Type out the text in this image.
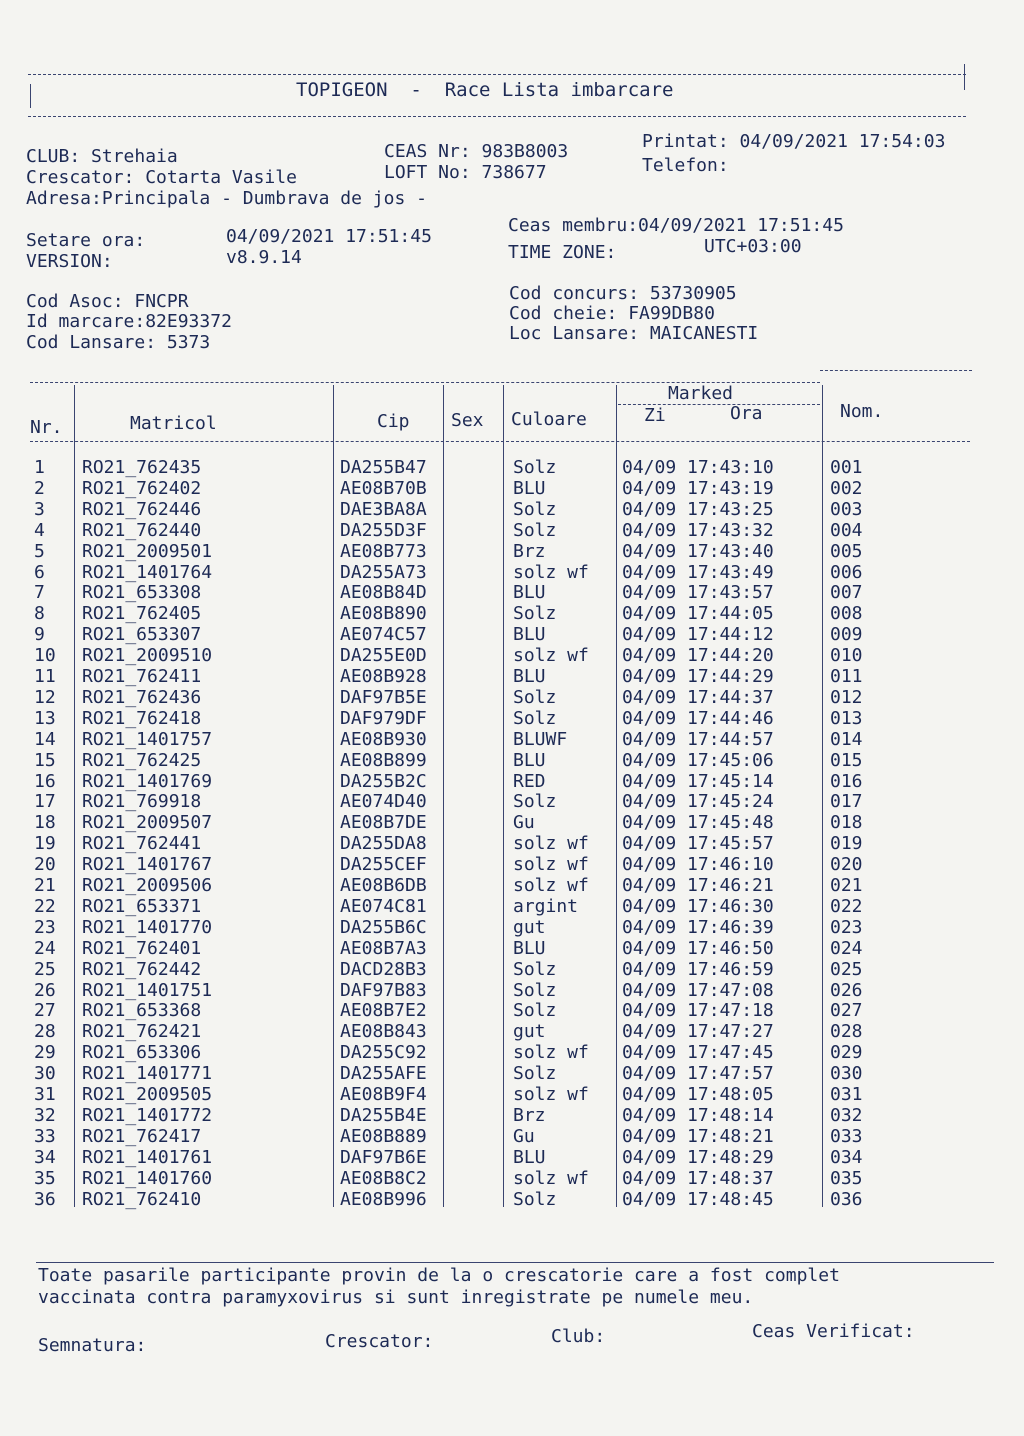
TOPIGEON  -  Race Lista imbarcare
CLUB: Strehaia
Crescator: Cotarta Vasile
Adresa:Principala - Dumbrava de jos -
CEAS Nr: 983B8003
LOFT No: 738677
Printat: 04/09/2021 17:54:03
Telefon:
Setare ora:	04/09/2021 17:51:45
VERSION:	v8.9.14
Ceas membru:04/09/2021 17:51:45
TIME ZONE:	UTC+03:00
Cod Asoc: FNCPR
Id marcare:82E93372
Cod Lansare: 5373
Cod concurs: 53730905
Cod cheie: FA99DB80
Loc Lansare: MAICANESTI
Nr.	Matricol	Cip Sex Culoare
Marked
Zi	Ora	Nom.
1	RO21_762435	DA255B47	Solz	04/09 17:43:10	001
2	RO21_762402	AE08B70B	BLU	04/09 17:43:19	002
3	RO21_762446	DAE3BA8A	Solz	04/09 17:43:25	003
4	RO21_762440	DA255D3F	Solz	04/09 17:43:32	004
5	RO21_2009501	AE08B773	Brz	04/09 17:43:40	005
6	RO21_1401764	DA255A73	solz wf 04/09 17:43:49	006
7	RO21_653308	AE08B84D	BLU	04/09 17:43:57	007
8	RO21_762405	AE08B890	Solz	04/09 17:44:05	008
9	RO21_653307	AE074C57	BLU	04/09 17:44:12	009
10	RO21_2009510	DA255E0D	solz wf 04/09 17:44:20	010
11	RO21_762411	AE08B928	BLU	04/09 17:44:29	011
12	RO21_762436	DAF97B5E	Solz	04/09 17:44:37	012
13	RO21_762418	DAF979DF	Solz	04/09 17:44:46	013
14	RO21_1401757	AE08B930	BLUWF	04/09 17:44:57	014
15	RO21_762425	AE08B899	BLU	04/09 17:45:06	015
16	RO21_1401769	DA255B2C	RED	04/09 17:45:14	016
17	RO21_769918	AE074D40	Solz	04/09 17:45:24	017
18	RO21_2009507	AE08B7DE	Gu	04/09 17:45:48	018
19	RO21_762441	DA255DA8	solz wf 04/09 17:45:57	019
20	RO21_1401767	DA255CEF	solz wf 04/09 17:46:10	020
21	RO21_2009506	AE08B6DB	solz wf 04/09 17:46:21	021
22	RO21_653371	AE074C81	argint 04/09 17:46:30	022
23	RO21_1401770	DA255B6C	gut	04/09 17:46:39	023
24	RO21_762401	AE08B7A3	BLU	04/09 17:46:50	024
25	RO21_762442	DACD28B3	Solz	04/09 17:46:59	025
26	RO21_1401751	DAF97B83	Solz	04/09 17:47:08	026
27	RO21_653368	AE08B7E2	Solz	04/09 17:47:18	027
28	RO21_762421	AE08B843	gut	04/09 17:47:27	028
29	RO21_653306	DA255C92	solz wf 04/09 17:47:45	029
30	RO21_1401771	DA255AFE	Solz	04/09 17:47:57	030
31	RO21_2009505	AE08B9F4	solz wf 04/09 17:48:05	031
32	RO21_1401772	DA255B4E	Brz	04/09 17:48:14	032
33	RO21_762417	AE08B889	Gu	04/09 17:48:21	033
34	RO21_1401761	DAF97B6E	BLU	04/09 17:48:29	034
35	RO21_1401760	AE08B8C2	solz wf 04/09 17:48:37	035
36	RO21_762410	AE08B996	Solz	04/09 17:48:45	036
Toate pasarile participante provin de la o crescatorie care a fost complet
vaccinata contra paramyxovirus si sunt inregistrate pe numele meu.
Semnatura:	Crescator:	Club:	Ceas Verificat:
